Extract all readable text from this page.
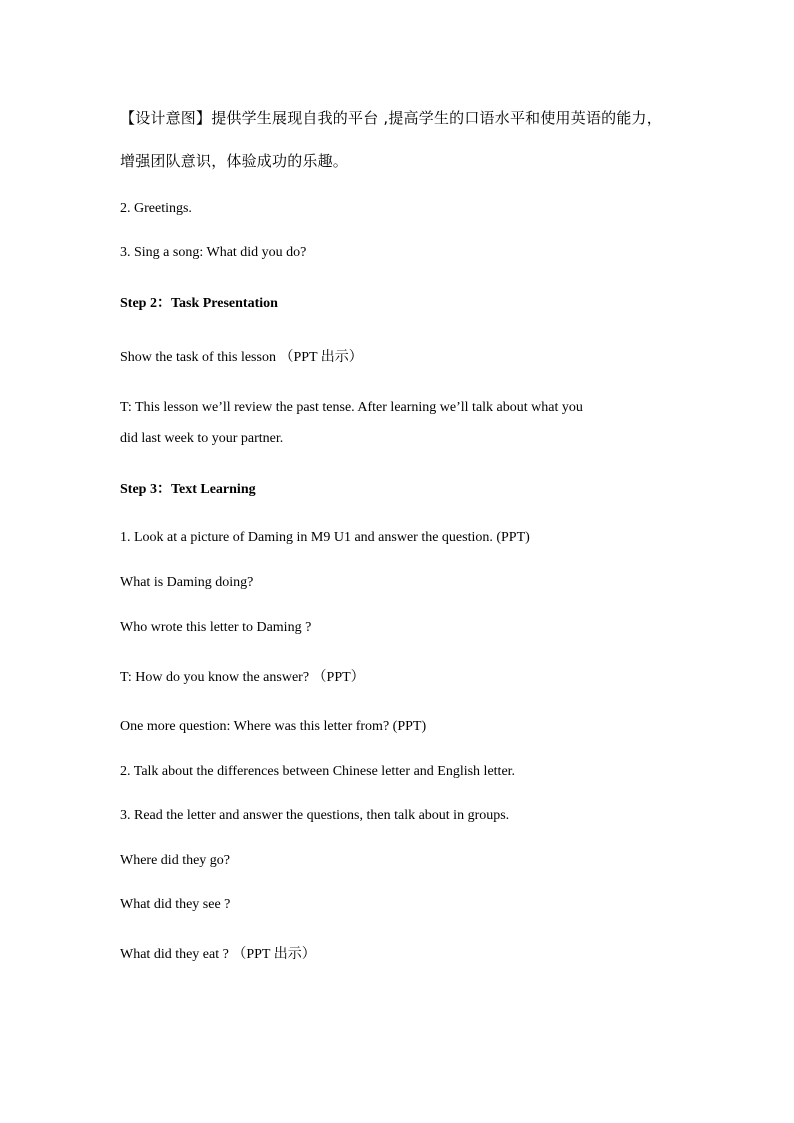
【设计意图】提供学生展现自我的平台 ,提高学生的口语水平和使用英语的能力，
增强团队意识，体验成功的乐趣。
2. Greetings.
3. Sing a song: What did you do?
Step 2：Task Presentation
Show the task of this lesson （PPT 出示）
T: This lesson we’ll review the past tense. After learning we’ll talk about what you
did last week to your partner.
Step 3：Text Learning
1. Look at a picture of Daming in M9 U1 and answer the question. (PPT)
What is Daming doing?
Who wrote this letter to Daming ?
T: How do you know the answer? （PPT）
One more question: Where was this letter from? (PPT)
2. Talk about the differences between Chinese letter and English letter.
3. Read the letter and answer the questions, then talk about in groups.
Where did they go?
What did they see ?
What did they eat ? （PPT 出示）
